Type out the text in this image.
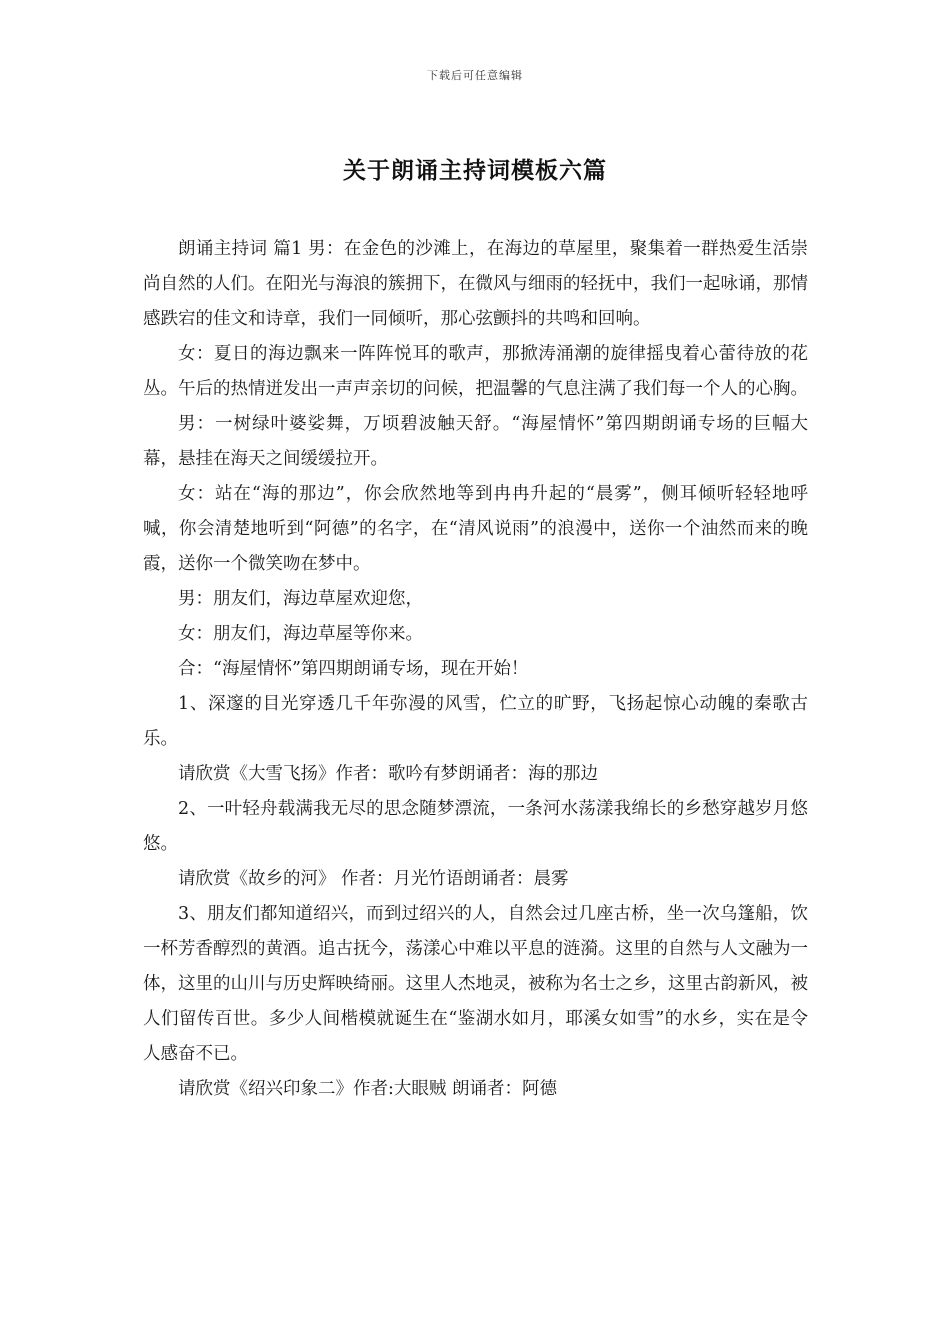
下载后可任意编辑
关于朗诵主持词模板六篇

朗诵主持词 篇1 男：在金色的沙滩上，在海边的草屋里，聚集着一群热爱生活崇尚自然的人们。在阳光与海浪的簇拥下，在微风与细雨的轻抚中，我们一起咏诵，那情感跌宕的佳文和诗章，我们一同倾听，那心弦颤抖的共鸣和回响。

女：夏日的海边飘来一阵阵悦耳的歌声，那掀涛涌潮的旋律摇曳着心蕾待放的花丛。午后的热情迸发出一声声亲切的问候，把温馨的气息注满了我们每一个人的心胸。

男：一树绿叶婆娑舞，万顷碧波触天舒。“海屋情怀”第四期朗诵专场的巨幅大幕，悬挂在海天之间缓缓拉开。

女：站在“海的那边”，你会欣然地等到冉冉升起的“晨雾”，侧耳倾听轻轻地呼喊，你会清楚地听到“阿德”的名字，在“清风说雨”的浪漫中，送你一个油然而来的晚霞，送你一个微笑吻在梦中。

男：朋友们，海边草屋欢迎您，

女：朋友们，海边草屋等你来。

合：“海屋情怀”第四期朗诵专场，现在开始！

1、深邃的目光穿透几千年弥漫的风雪，伫立的旷野，飞扬起惊心动魄的秦歌古乐。

请欣赏《大雪飞扬》作者：歌吟有梦朗诵者：海的那边

2、一叶轻舟载满我无尽的思念随梦漂流，一条河水荡漾我绵长的乡愁穿越岁月悠悠。

请欣赏《故乡的河》 作者：月光竹语朗诵者：晨雾

3、朋友们都知道绍兴，而到过绍兴的人，自然会过几座古桥，坐一次乌篷船，饮一杯芳香醇烈的黄酒。追古抚今，荡漾心中难以平息的涟漪。这里的自然与人文融为一体，这里的山川与历史辉映绮丽。这里人杰地灵，被称为名士之乡，这里古韵新风，被人们留传百世。多少人间楷模就诞生在“鉴湖水如月，耶溪女如雪”的水乡，实在是令人感奋不已。

请欣赏《绍兴印象二》作者:大眼贼 朗诵者：阿德
